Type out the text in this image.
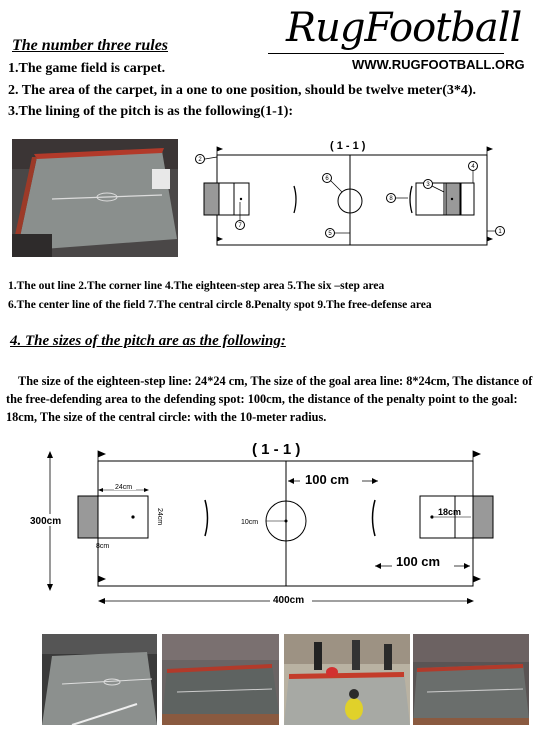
RugFootball
WWW.RUGFOOTBALL.ORG
The number three rules
1.The game field is carpet.
2. The area of the carpet, in a one to one position, should be twelve meter(3*4).
3.The lining of the pitch is as the following(1-1):
( 1 - 1 )
2
4
3
6
8
7
5	1
1.The out line 2.The corner line 4.The eighteen-step area 5.The six –step area
6.The center line of the field 7.The central circle 8.Penalty spot 9.The free-defense area
4. The sizes of the pitch are as the following:
The size of the eighteen-step line: 24*24 cm, The size of the goal area line: 8*24cm, The distance of the free-defending area to the defending spot: 100cm, the distance of the penalty point to the goal: 18cm, The size of the central circle: with the 10-meter radius.
( 1 - 1 )
300cm
400cm
100 cm
100 cm
24cm
24cm
8cm
10cm
18cm
